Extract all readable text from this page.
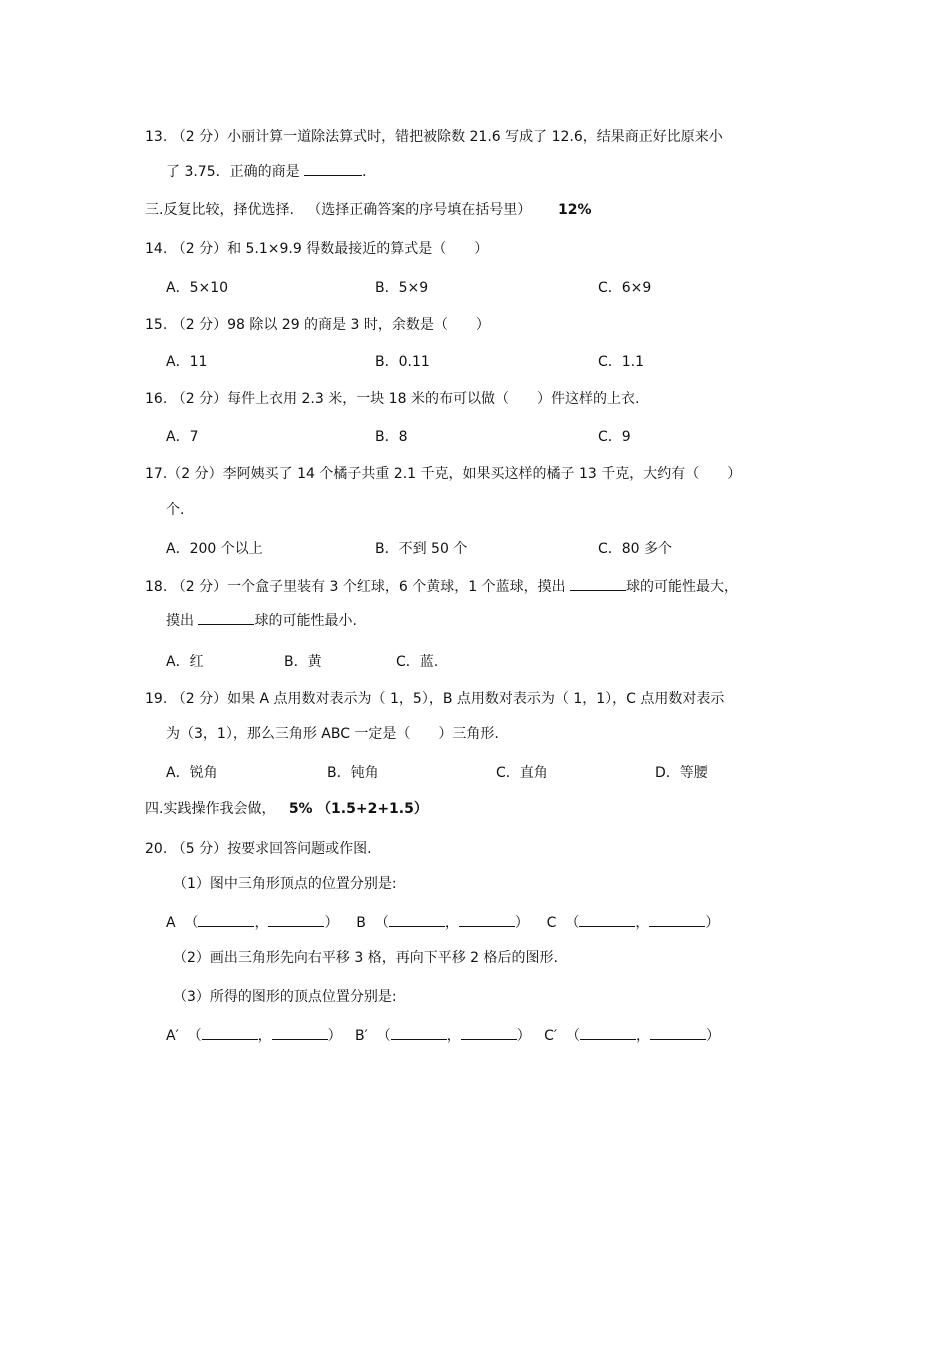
13. （2 分）小丽计算一道除法算式时，错把被除数 21.6 写成了 12.6，结果商正好比原来小
了 3.75．正确的商是	．
三.反复比较，择优选择. （选择正确答案的序号填在括号里） 12%
14. （2 分）和 5.1×9.9 得数最接近的算式是（　　）
A．5×10	B．5×9	C．6×9
15. （2 分）98 除以 29 的商是 3 时，余数是（　　）
A．11	B．0.11	C．1.1
16. （2 分）每件上衣用 2.3 米，一块 18 米的布可以做（　　）件这样的上衣.
A．7	B．8	C．9
17.（2 分）李阿姨买了 14 个橘子共重 2.1 千克，如果买这样的橘子 13 千克，大约有（　　）
个.
A．200 个以上	B．不到 50 个	C．80 多个
18. （2 分）一个盒子里装有 3 个红球，6 个黄球，1 个蓝球，摸出	球的可能性最大，
摸出	球的可能性最小.
A．红	B．黄	C．蓝.
19. （2 分）如果 A 点用数对表示为（ 1，5），B 点用数对表示为（ 1，1），C 点用数对表示
为（3，1），那么三角形 ABC 一定是（　　）三角形.
A．锐角	B．钝角	C．直角	D．等腰
四.实践操作我会做， 5% （1.5+2+1.5）
20. （5 分）按要求回答问题或作图.
（1）图中三角形顶点的位置分别是:
A （	，	） B （	，	） C （	，	）
（2）画出三角形先向右平移 3 格，再向下平移 2 格后的图形.
（3）所得的图形的顶点位置分别是:
A′ （	，	） B′ （	，	） C′ （	，	）
